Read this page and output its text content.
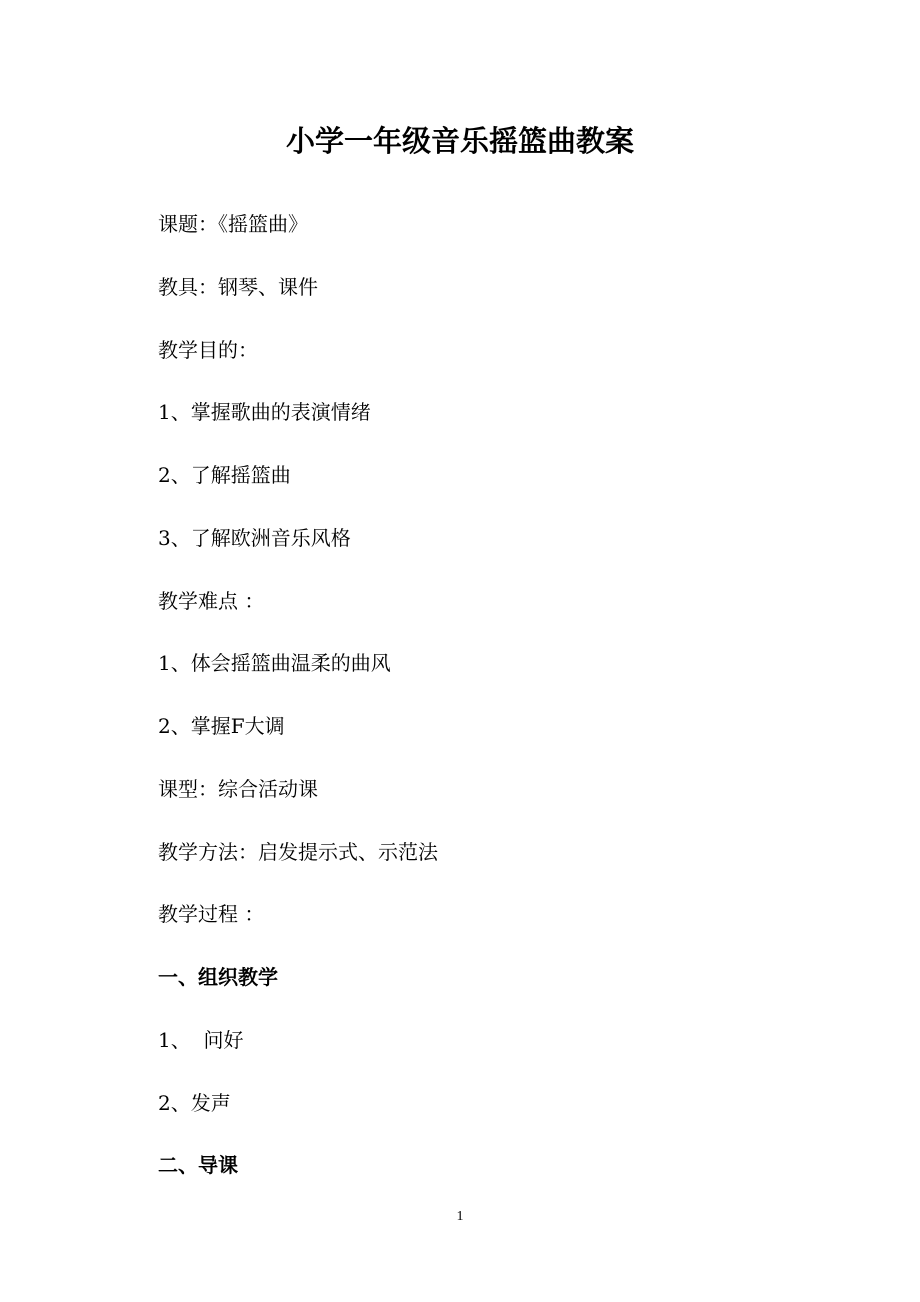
小学一年级音乐摇篮曲教案

课题：《摇篮曲》

教具：钢琴、课件

教学目的：

1、掌握歌曲的表演情绪

2、了解摇篮曲

3、了解欧洲音乐风格

教学难点 ：

1、体会摇篮曲温柔的曲风

2、掌握F大调

课型：综合活动课

教学方法：启发提示式、示范法

教学过程 ：

一、组织教学

1、  问好

2、发声

二、导课

1
